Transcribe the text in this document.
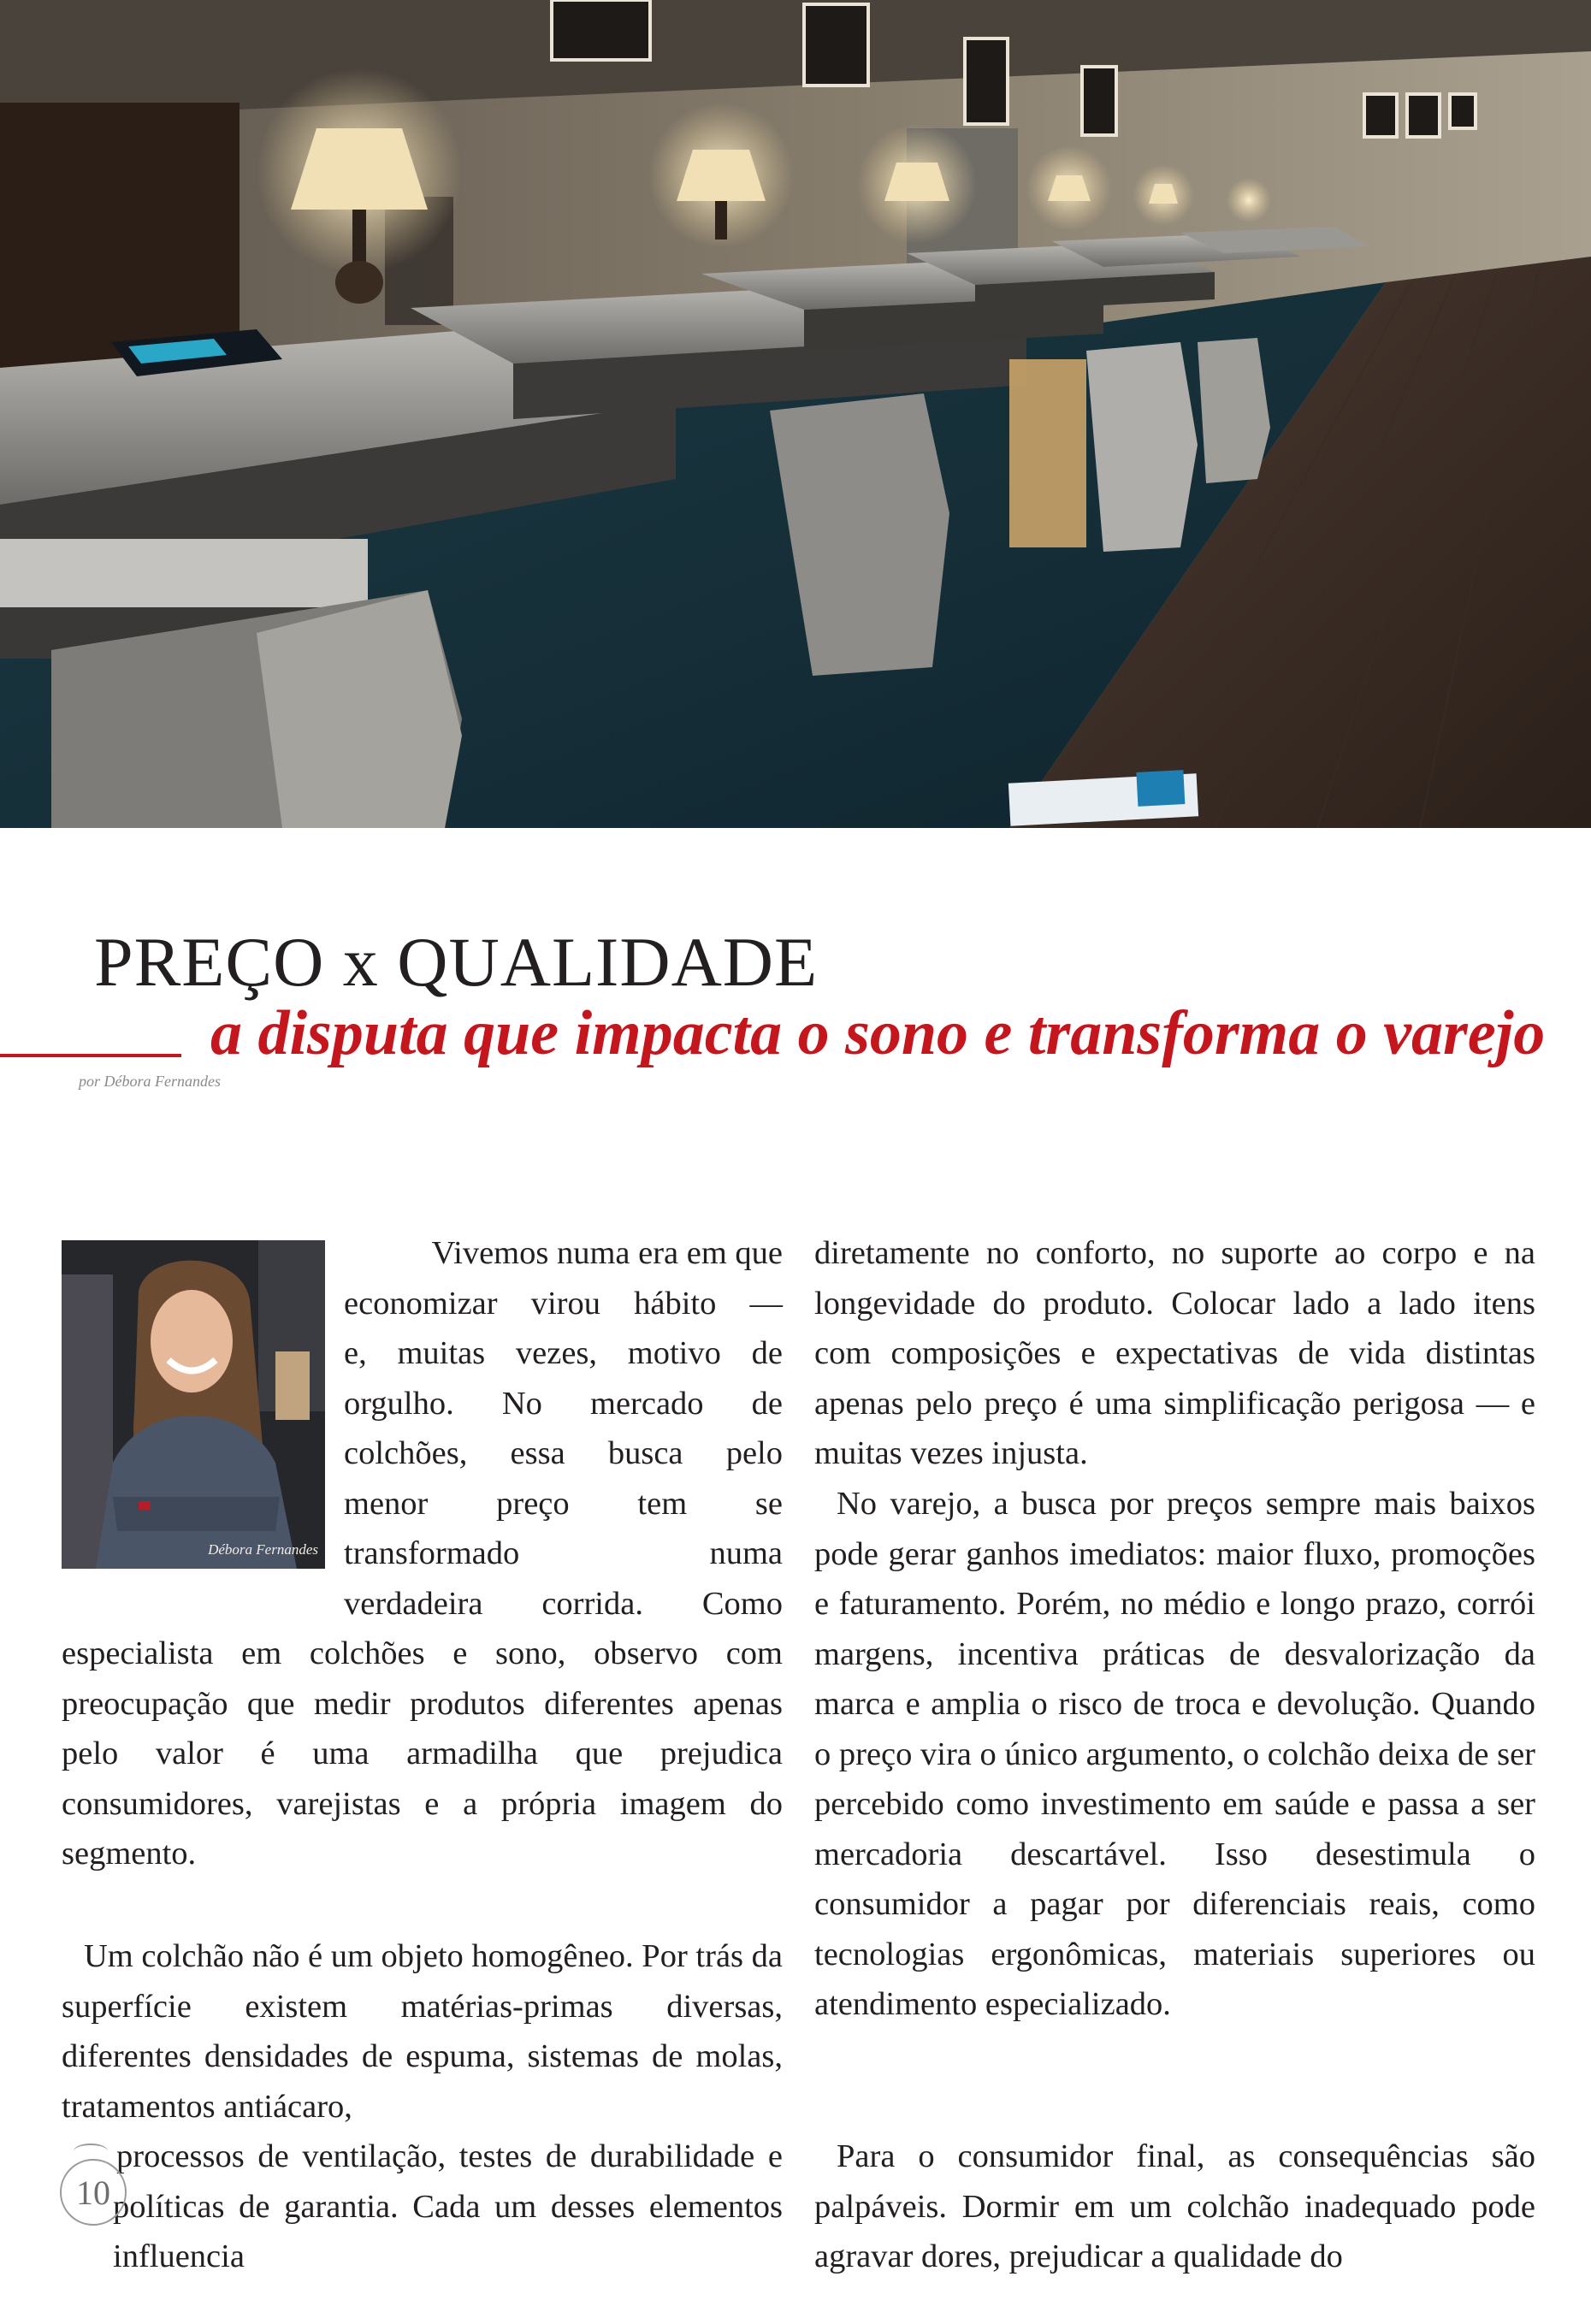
PREÇO x QUALIDADE
a disputa que impacta o sono e transforma o varejo
por Débora Fernandes
Débora Fernandes
Vivemos numa era em que
economizar virou hábito —
e, muitas vezes, motivo de
orgulho. No mercado de
colchões, essa busca pelo
menor preço tem se
transformado numa
verdadeira corrida. Como

especialista em colchões e sono, observo com preocupação que medir produtos diferentes apenas pelo valor é uma armadilha que prejudica consumidores, varejistas e a própria imagem do segmento.

Um colchão não é um objeto homogêneo. Por trás da superfície existem matérias-primas diversas, diferentes densidades de espuma, sistemas de molas, tratamentos antiácaro,

processos de ventilação, testes de durabilidade e políticas de garantia. Cada um desses elementos influencia

diretamente no conforto, no suporte ao corpo e na longevidade do produto. Colocar lado a lado itens com composições e expectativas de vida distintas apenas pelo preço é uma simplificação perigosa — e muitas vezes injusta.

No varejo, a busca por preços sempre mais baixos pode gerar ganhos imediatos: maior fluxo, promoções e faturamento. Porém, no médio e longo prazo, corrói margens, incentiva práticas de desvalorização da marca e amplia o risco de troca e devolução. Quando o preço vira o único argumento, o colchão deixa de ser percebido como investimento em saúde e passa a ser mercadoria descartável. Isso desestimula o consumidor a pagar por diferenciais reais, como tecnologias ergonômicas, materiais superiores ou atendimento especializado.

Para o consumidor final, as consequências são palpáveis. Dormir em um colchão inadequado pode agravar dores, prejudicar a qualidade do

10
